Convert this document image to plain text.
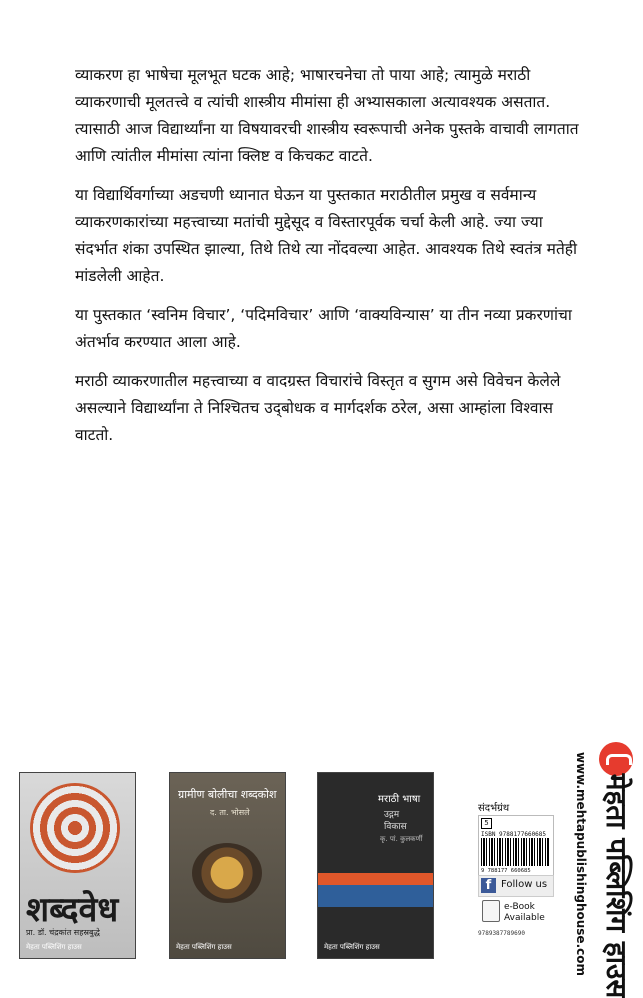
व्याकरण हा भाषेचा मूलभूत घटक आहे; भाषारचनेचा तो पाया आहे; त्यामुळे मराठी व्याकरणाची मूलतत्त्वे व त्यांची शास्त्रीय मीमांसा ही अभ्यासकाला अत्यावश्यक असतात. त्यासाठी आज विद्यार्थ्यांना या विषयावरची शास्त्रीय स्वरूपाची अनेक पुस्तके वाचावी लागतात आणि त्यांतील मीमांसा त्यांना क्लिष्ट व किचकट वाटते.

या विद्यार्थिवर्गाच्या अडचणी ध्यानात घेऊन या पुस्तकात मराठीतील प्रमुख व सर्वमान्य व्याकरणकारांच्या महत्त्वाच्या मतांची मुद्देसूद व विस्तारपूर्वक चर्चा केली आहे. ज्या ज्या संदर्भात शंका उपस्थित झाल्या, तिथे तिथे त्या नोंदवल्या आहेत. आवश्यक तिथे स्वतंत्र मतेही मांडलेली आहेत.

या पुस्तकात ‘स्वनिम विचार’, ‘पदिमविचार’ आणि ‘वाक्यविन्यास’ या तीन नव्या प्रकरणांचा अंतर्भाव करण्यात आला आहे.

मराठी व्याकरणातील महत्त्वाच्या व वादग्रस्त विचारांचे विस्तृत व सुगम असे विवेचन केलेले असल्याने विद्यार्थ्यांना ते निश्चितच उद्‌बोधक व मार्गदर्शक ठरेल, असा आम्हांला विश्वास वाटतो.

शब्दवेध
प्रा. डॉ. चंद्रकांत सहस्रबुद्धे
मेहता पब्लिशिंग हाउस
ग्रामीण बोलीचा शब्दकोश
द. ता. भोसले
मेहता पब्लिशिंग हाउस
मराठी भाषा
उद्गम
विकास
कृ. पां. कुलकर्णी
मेहता पब्लिशिंग हाउस
संदर्भग्रंथ
5
ISBN 9788177660685
9 788177 660685
f Follow us
e-Book
Available
9789387789690	www.mehtapublishinghouse.com मेहता पब्लिशिंग हाउस
